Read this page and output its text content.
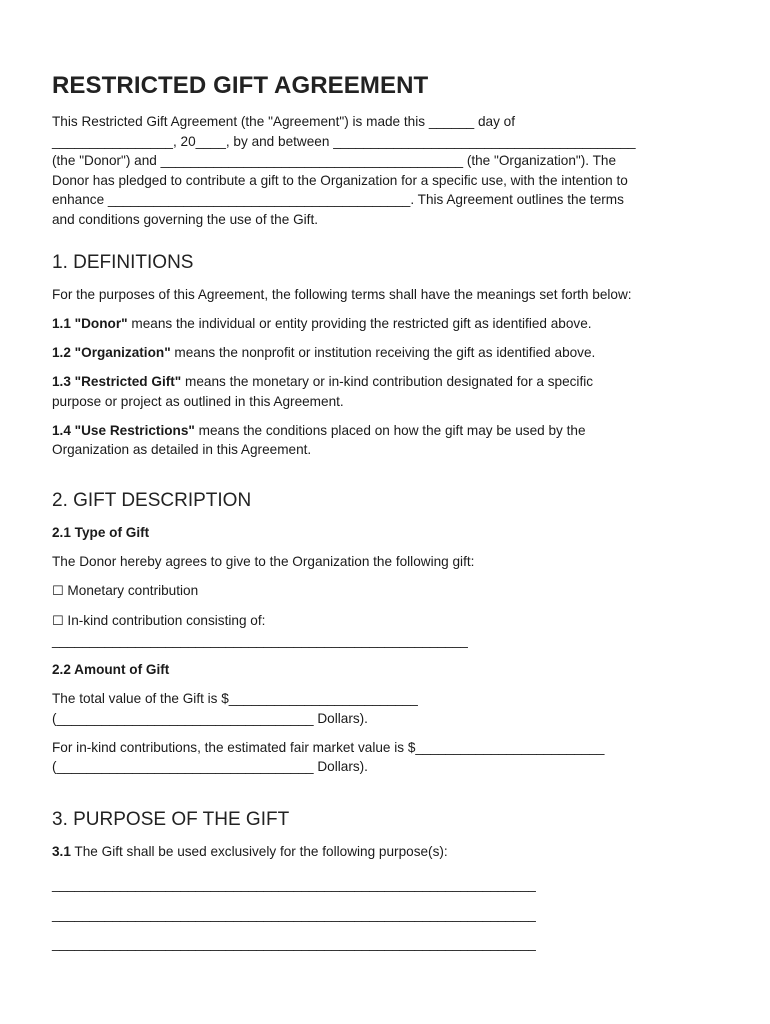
RESTRICTED GIFT AGREEMENT

This Restricted Gift Agreement (the "Agreement") is made this ______ day of

________________, 20____, by and between ________________________________________

(the "Donor") and ________________________________________ (the "Organization"). The

Donor has pledged to contribute a gift to the Organization for a specific use, with the intention to

enhance ________________________________________. This Agreement outlines the terms

and conditions governing the use of the Gift.

1. DEFINITIONS

For the purposes of this Agreement, the following terms shall have the meanings set forth below:

1.1 "Donor" means the individual or entity providing the restricted gift as identified above.

1.2 "Organization" means the nonprofit or institution receiving the gift as identified above.

1.3 "Restricted Gift" means the monetary or in-kind contribution designated for a specific

purpose or project as outlined in this Agreement.

1.4 "Use Restrictions" means the conditions placed on how the gift may be used by the

Organization as detailed in this Agreement.

2. GIFT DESCRIPTION

2.1 Type of Gift

The Donor hereby agrees to give to the Organization the following gift:

☐ Monetary contribution

☐ In-kind contribution consisting of:

_______________________________________________________

2.2 Amount of Gift

The total value of the Gift is $_________________________

(__________________________________ Dollars).

For in-kind contributions, the estimated fair market value is $_________________________

(__________________________________ Dollars).

3. PURPOSE OF THE GIFT

3.1 The Gift shall be used exclusively for the following purpose(s):

________________________________________________________________

________________________________________________________________

________________________________________________________________
